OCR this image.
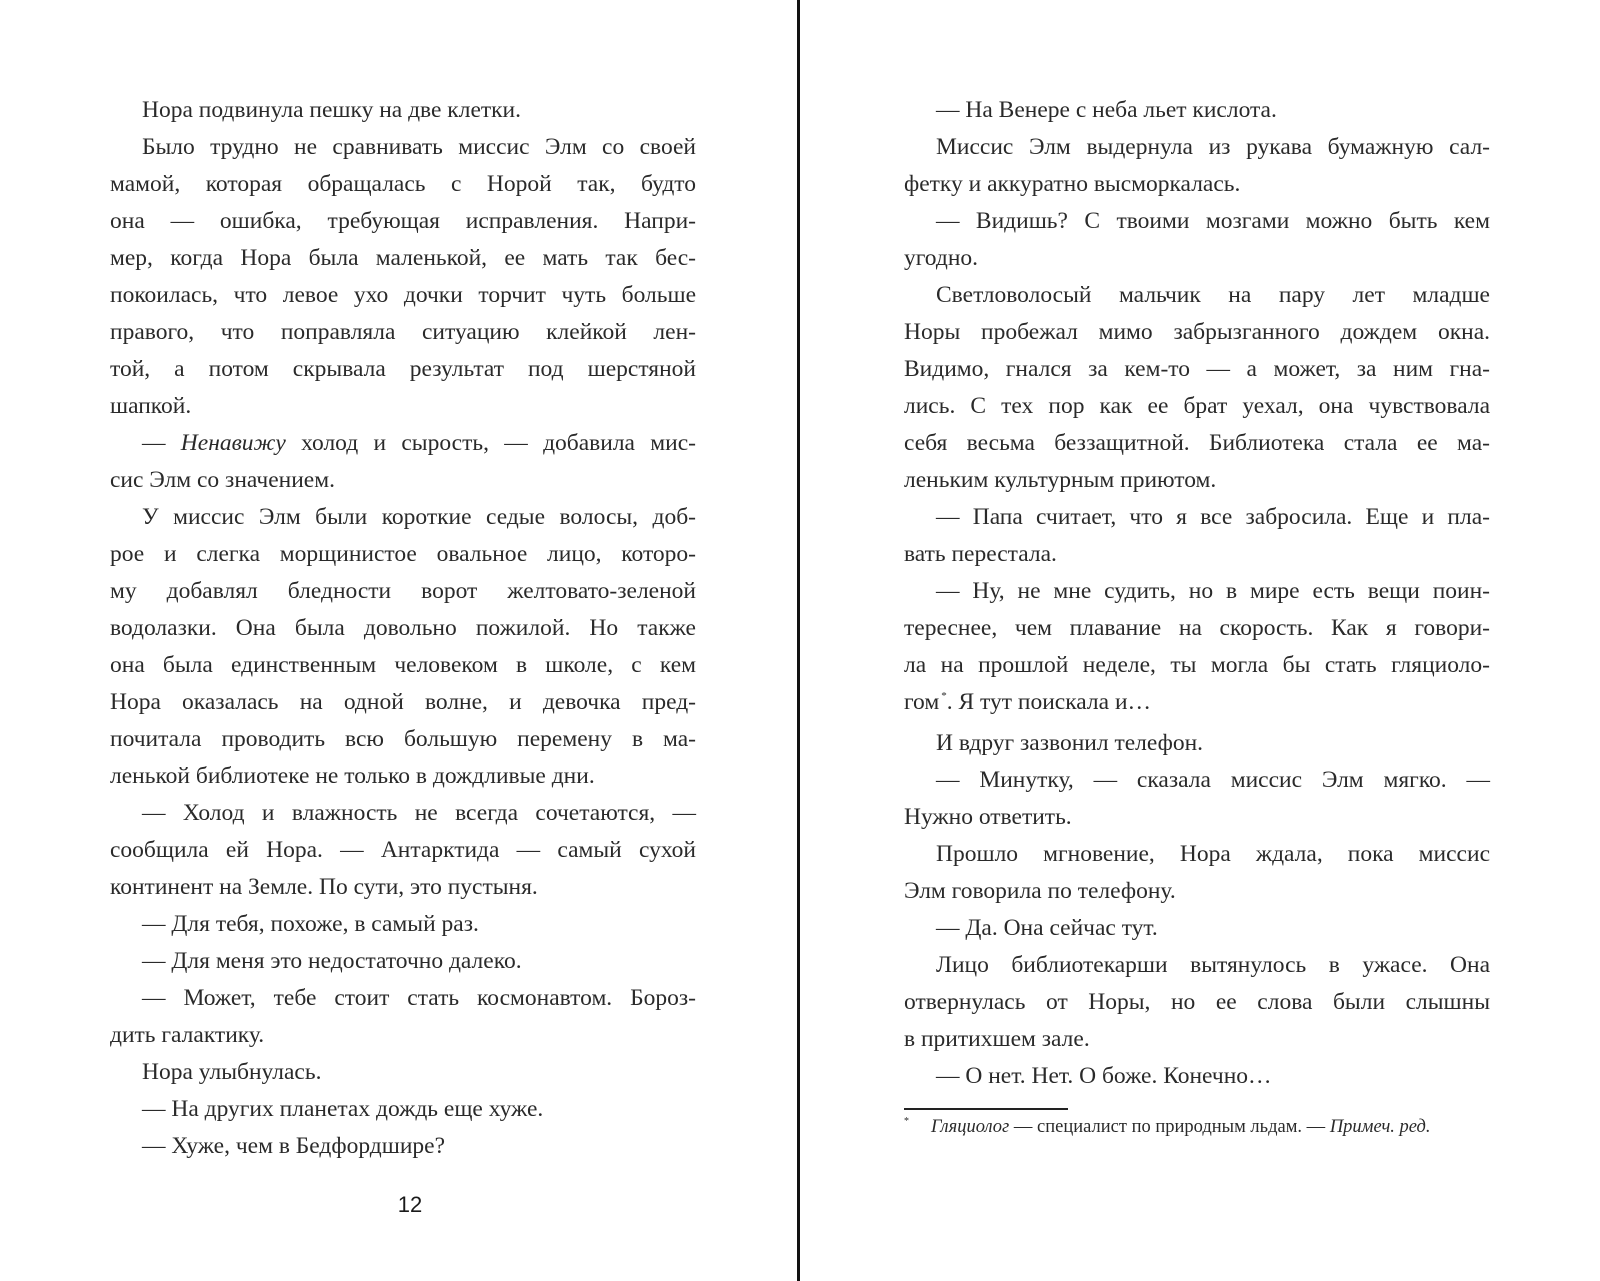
Нора подвинула пешку на две клетки.
Было трудно не сравнивать миссис Элм со своей
мамой, которая обращалась с Норой так, будто
она — ошибка, требующая исправления. Напри-
мер, когда Нора была маленькой, ее мать так бес-
покоилась, что левое ухо дочки торчит чуть больше
правого, что поправляла ситуацию клейкой лен-
той, а потом скрывала результат под шерстяной
шапкой.
— Ненавижу холод и сырость, — добавила мис-
сис Элм со значением.
У миссис Элм были короткие седые волосы, доб-
рое и слегка морщинистое овальное лицо, которо-
му добавлял бледности ворот желтовато-зеленой
водолазки. Она была довольно пожилой. Но также
она была единственным человеком в школе, с кем
Нора оказалась на одной волне, и девочка пред-
почитала проводить всю большую перемену в ма-
ленькой библиотеке не только в дождливые дни.
— Холод и влажность не всегда сочетаются, —
сообщила ей Нора. — Антарктида — самый сухой
континент на Земле. По сути, это пустыня.
— Для тебя, похоже, в самый раз.
— Для меня это недостаточно далеко.
— Может, тебе стоит стать космонавтом. Бороз-
дить галактику.
Нора улыбнулась.
— На других планетах дождь еще хуже.
— Хуже, чем в Бедфордшире?
12
— На Венере с неба льет кислота.
Миссис Элм выдернула из рукава бумажную сал-
фетку и аккуратно высморкалась.
— Видишь? С твоими мозгами можно быть кем
угодно.
Светловолосый мальчик на пару лет младше
Норы пробежал мимо забрызганного дождем окна.
Видимо, гнался за кем-то — а может, за ним гна-
лись. С тех пор как ее брат уехал, она чувствовала
себя весьма беззащитной. Библиотека стала ее ма-
леньким культурным приютом.
— Папа считает, что я все забросила. Еще и пла-
вать перестала.
— Ну, не мне судить, но в мире есть вещи поин-
тереснее, чем плавание на скорость. Как я говори-
ла на прошлой неделе, ты могла бы стать гляциоло-
гом *. Я тут поискала и…
И вдруг зазвонил телефон.
— Минутку, — сказала миссис Элм мягко. —
Нужно ответить.
Прошло мгновение, Нора ждала, пока миссис
Элм говорила по телефону.
— Да. Она сейчас тут.
Лицо библиотекарши вытянулось в ужасе. Она
отвернулась от Норы, но ее слова были слышны
в притихшем зале.
— О нет. Нет. О боже. Конечно…
* Гляциолог — специалист по природным льдам. — Примеч. ред.
